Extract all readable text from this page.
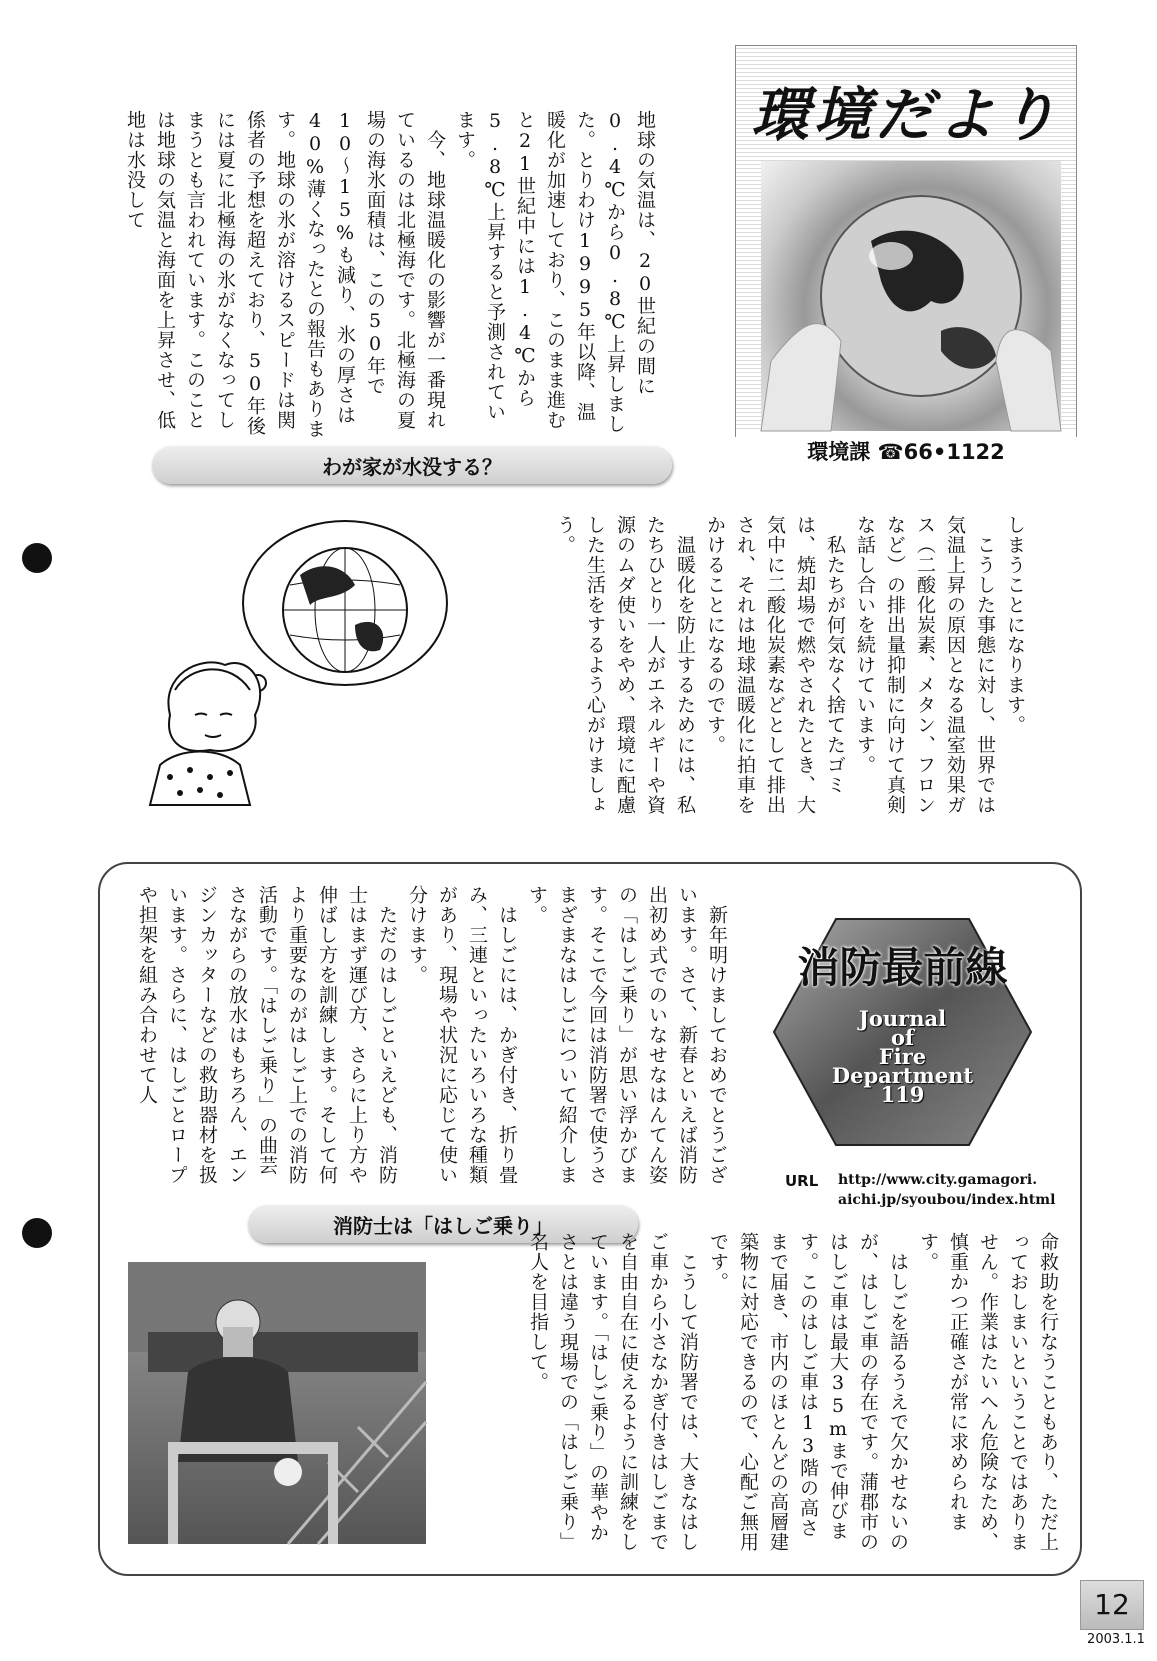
環境だより
環境課 ☎66•1122
地球の気温は、20世紀の間に0.4℃から0.8℃上昇しました。とりわけ1995年以降、温暖化が加速しており、このまま進むと21世紀中には1.4℃から5.8℃上昇すると予測されています。
　今、地球温暖化の影響が一番現れているのは北極海です。北極海の夏場の海氷面積は、この50年で10〜15%も減り、氷の厚さは40%薄くなったとの報告もあります。地球の氷が溶けるスピードは関係者の予想を超えており、50年後には夏に北極海の氷がなくなってしまうとも言われています。このことは地球の気温と海面を上昇させ、低地は水没して
わが家が水没する？
しまうことになります。
　こうした事態に対し、世界では気温上昇の原因となる温室効果ガス（二酸化炭素、メタン、フロンなど）の排出量抑制に向けて真剣な話し合いを続けています。
　私たちが何気なく捨てたゴミは、焼却場で燃やされたとき、大気中に二酸化炭素などとして排出され、それは地球温暖化に拍車をかけることになるのです。
　温暖化を防止するためには、私たちひとり一人がエネルギーや資源のムダ使いをやめ、環境に配慮した生活をするよう心がけましょう。
消防最前線
Journal
of
Fire
Department
119
URL http://www.city.gamagori.
aichi.jp/syoubou/index.html
　新年明けましておめでとうございます。さて、新春といえば消防出初め式でのいなせなはんてん姿の「はしご乗り」が思い浮かびます。そこで今回は消防署で使うさまざまなはしごについて紹介します。
　はしごには、かぎ付き、折り畳み、三連といったいろいろな種類があり、現場や状況に応じて使い分けます。
　ただのはしごといえども、消防士はまず運び方、さらに上り方や伸ばし方を訓練します。そして何より重要なのがはしご上での消防活動です。「はしご乗り」の曲芸さながらの放水はもちろん、エンジンカッターなどの救助器材を扱います。さらに、はしごとロープや担架を組み合わせて人
消防士は「はしご乗り」
命救助を行なうこともあり、ただ上っておしまいということではありません。作業はたいへん危険なため、慎重かつ正確さが常に求められます。
　はしごを語るうえで欠かせないのが、はしご車の存在です。蒲郡市のはしご車は最大35mまで伸びます。このはしご車は13階の高さまで届き、市内のほとんどの高層建築物に対応できるので、心配ご無用です。
　こうして消防署では、大きなはしご車から小さなかぎ付きはしごまでを自由自在に使えるように訓練をしています。「はしご乗り」の華やかさとは違う現場での「はしご乗り」名人を目指して。
12
2003.1.1
